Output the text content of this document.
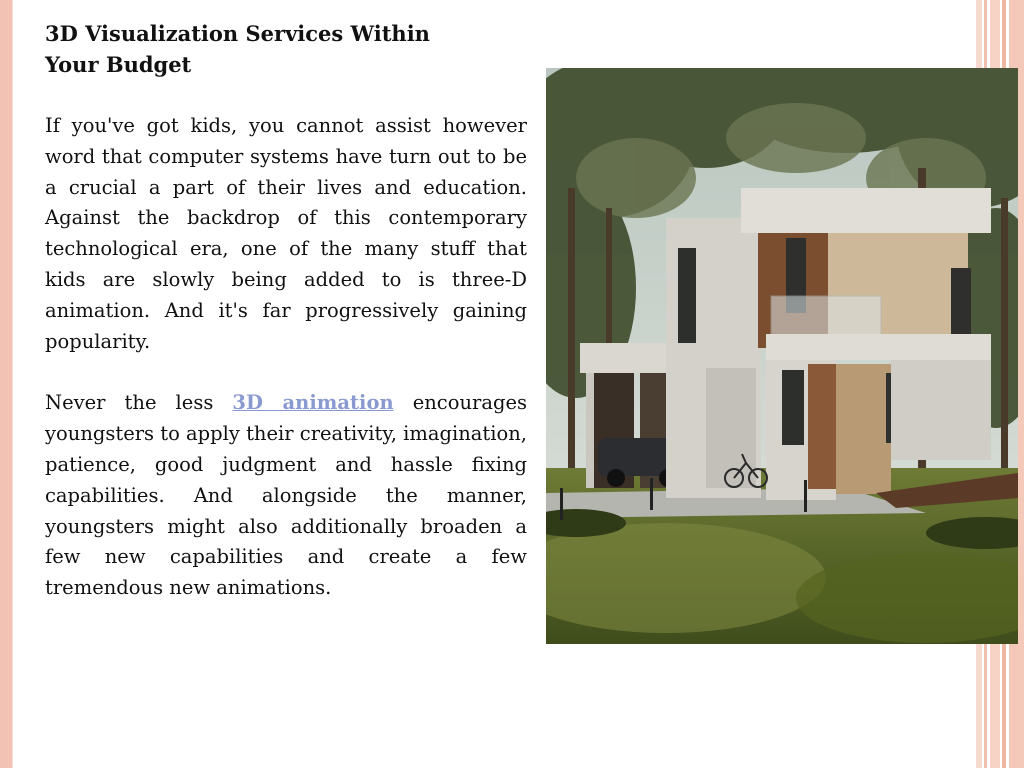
3D Visualization Services Within
Your Budget

If you've got kids, you cannot assist however word that computer systems have turn out to be a crucial a part of their lives and education. Against the backdrop of this contemporary technological era, one of the many stuff that kids are slowly being added to is three-D animation. And it's far progressively gaining popularity.

Never the less 3D animation encourages youngsters to apply their creativity, imagination, patience, good judgment and hassle fixing capabilities. And alongside the manner, youngsters might also additionally broaden a few new capabilities and create a few tremendous new animations.
